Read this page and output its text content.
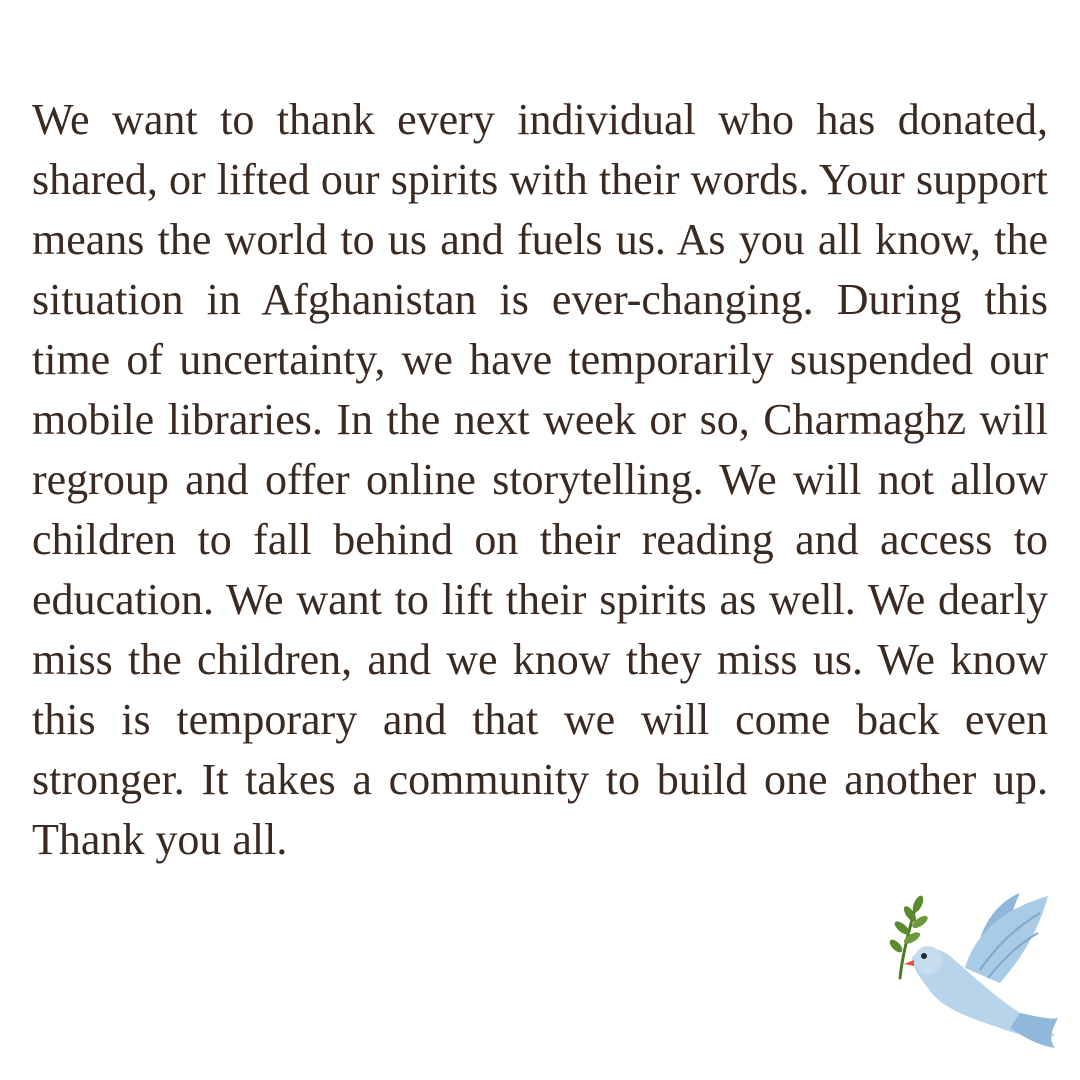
We want to thank every individual who has donated, shared, or lifted our spirits with their words. Your support means the world to us and fuels us. As you all know, the situation in Afghanistan is ever-changing. During this time of uncertainty, we have temporarily suspended our mobile libraries. In the next week or so, Charmaghz will regroup and offer online storytelling. We will not allow children to fall behind on their reading and access to education. We want to lift their spirits as well. We dearly miss the children, and we know they miss us. We know this is temporary and that we will come back even stronger. It takes a community to build one another up. Thank you all.
